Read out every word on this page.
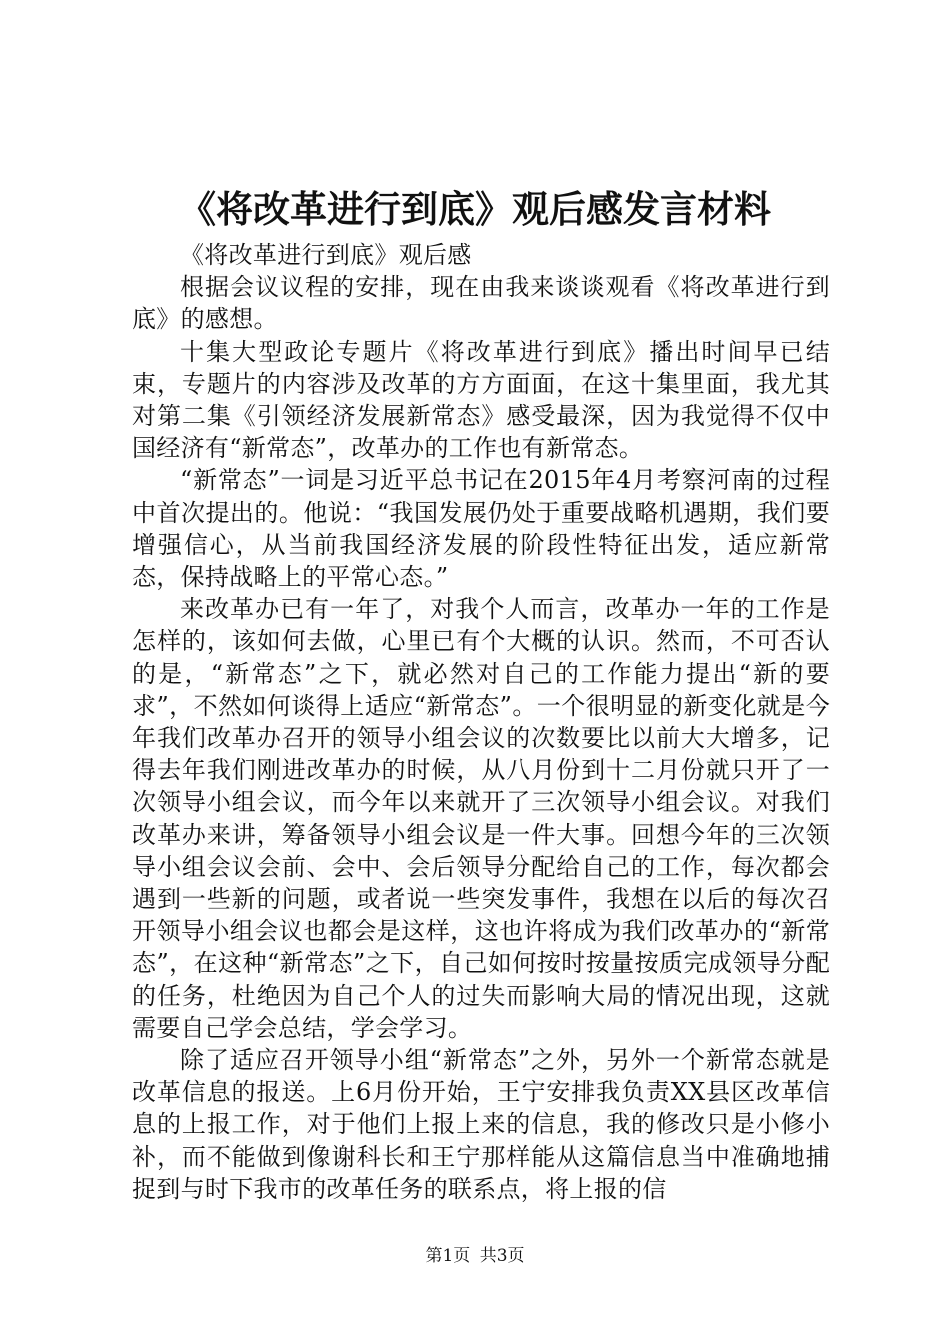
《将改革进行到底》观后感发言材料

《将改革进行到底》观后感

根据会议议程的安排，现在由我来谈谈观看《将改革进行到底》的感想。

十集大型政论专题片《将改革进行到底》播出时间早已结束，专题片的内容涉及改革的方方面面，在这十集里面，我尤其对第二集《引领经济发展新常态》感受最深，因为我觉得不仅中国经济有“新常态”，改革办的工作也有新常态。

“新常态”一词是习近平总书记在2015年4月考察河南的过程中首次提出的。他说：“我国发展仍处于重要战略机遇期，我们要增强信心，从当前我国经济发展的阶段性特征出发，适应新常态，保持战略上的平常心态。”

来改革办已有一年了，对我个人而言，改革办一年的工作是怎样的，该如何去做，心里已有个大概的认识。然而，不可否认的是，“新常态”之下，就必然对自己的工作能力提出“新的要求”，不然如何谈得上适应“新常态”。一个很明显的新变化就是今年我们改革办召开的领导小组会议的次数要比以前大大增多，记得去年我们刚进改革办的时候，从八月份到十二月份就只开了一次领导小组会议，而今年以来就开了三次领导小组会议。对我们改革办来讲，筹备领导小组会议是一件大事。回想今年的三次领导小组会议会前、会中、会后领导分配给自己的工作，每次都会遇到一些新的问题，或者说一些突发事件，我想在以后的每次召开领导小组会议也都会是这样，这也许将成为我们改革办的“新常态”，在这种“新常态”之下，自己如何按时按量按质完成领导分配的任务，杜绝因为自己个人的过失而影响大局的情况出现，这就需要自己学会总结，学会学习。

除了适应召开领导小组“新常态”之外，另外一个新常态就是改革信息的报送。上6月份开始，王宁安排我负责XX县区改革信息的上报工作，对于他们上报上来的信息，我的修改只是小修小补，而不能做到像谢科长和王宁那样能从这篇信息当中准确地捕捉到与时下我市的改革任务的联系点，将上报的信

第1页 共3页
